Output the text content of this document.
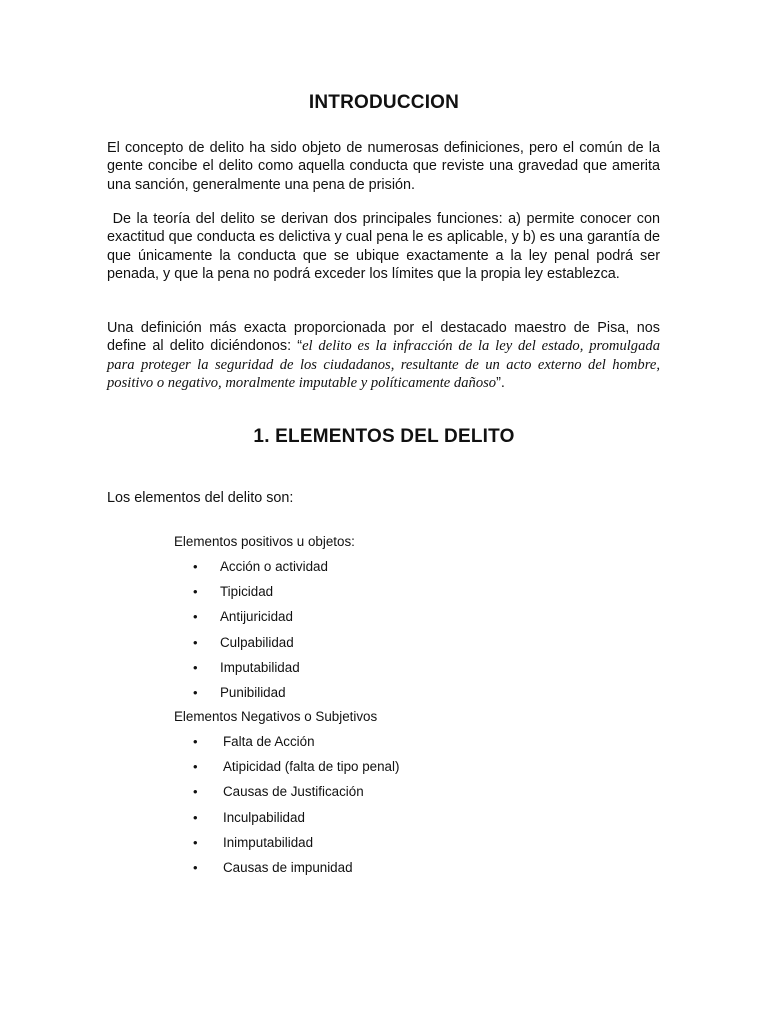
INTRODUCCION

El concepto de delito ha sido objeto de numerosas definiciones, pero el común de la gente concibe el delito como aquella conducta que reviste una gravedad que amerita una sanción, generalmente una pena de prisión.

De la teoría del delito se derivan dos principales funciones: a) permite conocer con exactitud que conducta es delictiva y cual pena le es aplicable, y b) es una garantía de que únicamente la conducta que se ubique exactamente a la ley penal podrá ser penada, y que la pena no podrá exceder los límites que la propia ley establezca.

Una definición más exacta proporcionada por el destacado maestro de Pisa, nos define al delito diciéndonos: “el delito es la infracción de la ley del estado, promulgada para proteger la seguridad de los ciudadanos, resultante de un acto externo del hombre, positivo o negativo, moralmente imputable y políticamente dañoso”.

1. ELEMENTOS DEL DELITO

Los elementos del delito son:

Elementos positivos u objetos:

• Acción o actividad
• Tipicidad
• Antijuricidad
• Culpabilidad
• Imputabilidad
• Punibilidad

Elementos Negativos o Subjetivos

• Falta de Acción
• Atipicidad (falta de tipo penal)
• Causas de Justificación
• Inculpabilidad
• Inimputabilidad
• Causas de impunidad
